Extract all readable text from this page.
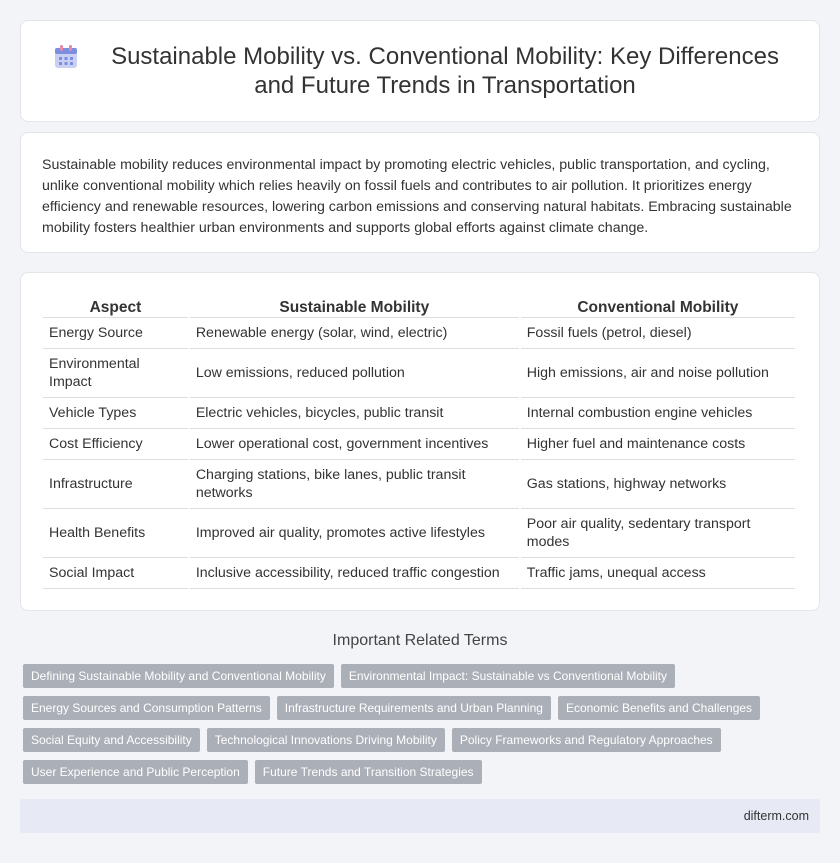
Sustainable Mobility vs. Conventional Mobility: Key Differences and Future Trends in Transportation

Sustainable mobility reduces environmental impact by promoting electric vehicles, public transportation, and cycling, unlike conventional mobility which relies heavily on fossil fuels and contributes to air pollution. It prioritizes energy efficiency and renewable resources, lowering carbon emissions and conserving natural habitats. Embracing sustainable mobility fosters healthier urban environments and supports global efforts against climate change.

Aspect	Sustainable Mobility	Conventional Mobility
Energy Source	Renewable energy (solar, wind, electric)	Fossil fuels (petrol, diesel)
Environmental Impact	Low emissions, reduced pollution	High emissions, air and noise pollution
Vehicle Types	Electric vehicles, bicycles, public transit	Internal combustion engine vehicles
Cost Efficiency	Lower operational cost, government incentives	Higher fuel and maintenance costs
Infrastructure	Charging stations, bike lanes, public transit networks	Gas stations, highway networks
Health Benefits	Improved air quality, promotes active lifestyles	Poor air quality, sedentary transport modes
Social Impact	Inclusive accessibility, reduced traffic congestion	Traffic jams, unequal access
Important Related Terms
Defining Sustainable Mobility and Conventional Mobility	Environmental Impact: Sustainable vs Conventional Mobility
Energy Sources and Consumption Patterns	Infrastructure Requirements and Urban Planning	Economic Benefits and Challenges
Social Equity and Accessibility	Technological Innovations Driving Mobility	Policy Frameworks and Regulatory Approaches
User Experience and Public Perception	Future Trends and Transition Strategies
difterm.com
